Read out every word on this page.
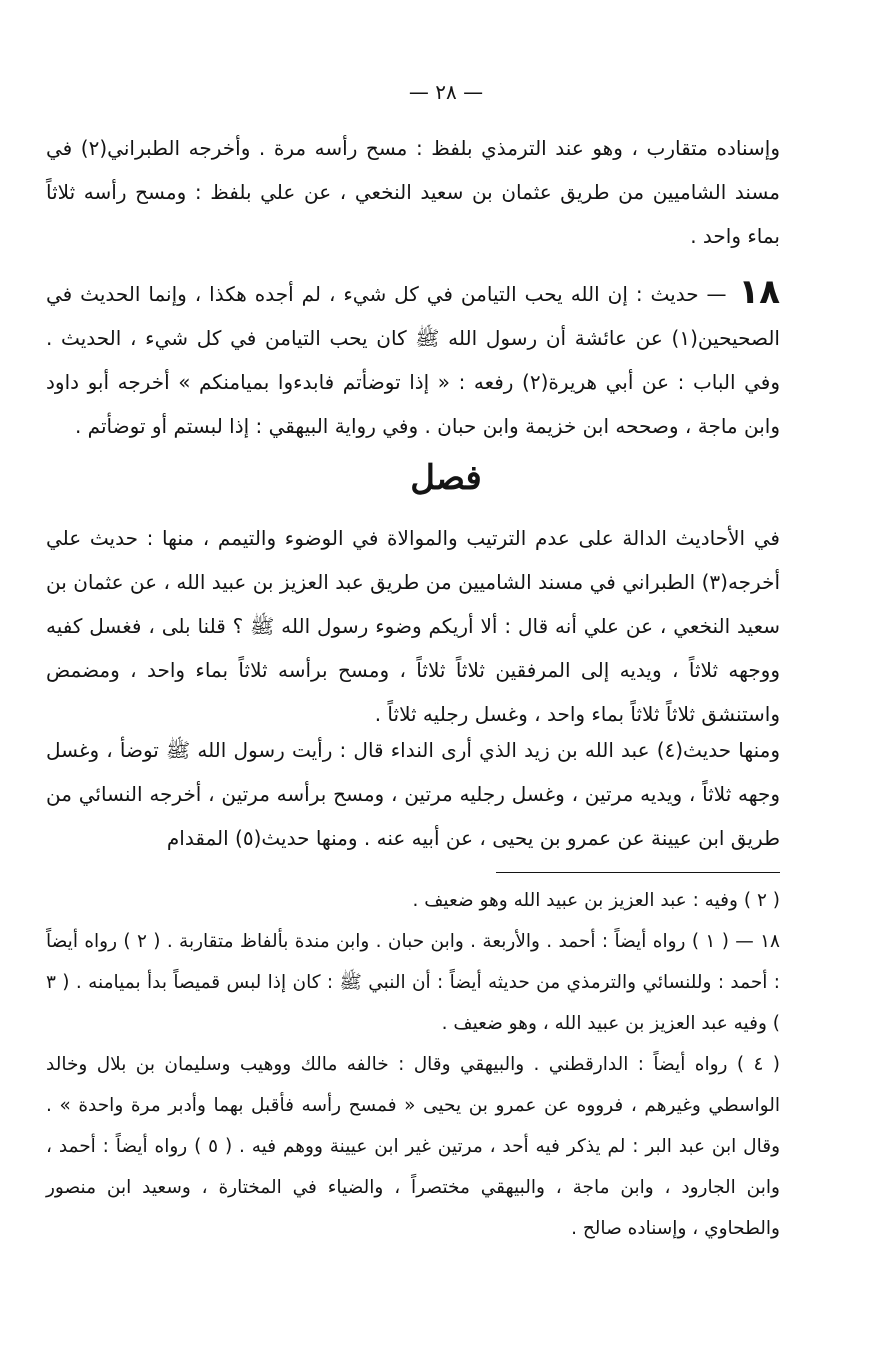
— ٢٨ —

وإسناده متقارب ، وهو عند الترمذي بلفظ : مسح رأسه مرة . وأخرجه الطبراني(٢) في مسند الشاميين من طريق عثمان بن سعيد النخعي ، عن علي بلفظ : ومسح رأسه ثلاثاً بماء واحد .

١٨ — حديث : إن الله يحب التيامن في كل شيء ، لم أجده هكذا ، وإنما الحديث في الصحيحين(١) عن عائشة أن رسول الله ﷺ كان يحب التيامن في كل شيء ، الحديث . وفي الباب : عن أبي هريرة(٢) رفعه : « إذا توضأتم فابدءوا بميامنكم » أخرجه أبو داود وابن ماجة ، وصححه ابن خزيمة وابن حبان . وفي رواية البيهقي : إذا لبستم أو توضأتم .

فصل

في الأحاديث الدالة على عدم الترتيب والموالاة في الوضوء والتيمم ، منها : حديث علي أخرجه(٣) الطبراني في مسند الشاميين من طريق عبد العزيز بن عبيد الله ، عن عثمان بن سعيد النخعي ، عن علي أنه قال : ألا أريكم وضوء رسول الله ﷺ ؟ قلنا بلى ، فغسل كفيه ووجهه ثلاثاً ، ويديه إلى المرفقين ثلاثاً ثلاثاً ، ومسح برأسه ثلاثاً بماء واحد ، ومضمض واستنشق ثلاثاً ثلاثاً بماء واحد ، وغسل رجليه ثلاثاً .

ومنها حديث(٤) عبد الله بن زيد الذي أرى النداء قال : رأيت رسول الله ﷺ توضأ ، وغسل وجهه ثلاثاً ، ويديه مرتين ، وغسل رجليه مرتين ، ومسح برأسه مرتين ، أخرجه النسائي من طريق ابن عيينة عن عمرو بن يحيى ، عن أبيه عنه . ومنها حديث(٥) المقدام

( ٢ ) وفيه : عبد العزيز بن عبيد الله وهو ضعيف .

١٨ — ( ١ ) رواه أيضاً : أحمد . والأربعة . وابن حبان . وابن مندة بألفاظ متقاربة . ( ٢ ) رواه أيضاً : أحمد : وللنسائي والترمذي من حديثه أيضاً : أن النبي ﷺ : كان إذا لبس قميصاً بدأ بميامنه . ( ٣ ) وفيه عبد العزيز بن عبيد الله ، وهو ضعيف .

( ٤ ) رواه أيضاً : الدارقطني . والبيهقي وقال : خالفه مالك ووهيب وسليمان بن بلال وخالد الواسطي وغيرهم ، فرووه عن عمرو بن يحيى « فمسح رأسه فأقبل بهما وأدبر مرة واحدة » . وقال ابن عبد البر : لم يذكر فيه أحد ، مرتين غير ابن عيينة ووهم فيه . ( ٥ ) رواه أيضاً : أحمد ، وابن الجارود ، وابن ماجة ، والبيهقي مختصراً ، والضياء في المختارة ، وسعيد ابن منصور والطحاوي ، وإسناده صالح .
